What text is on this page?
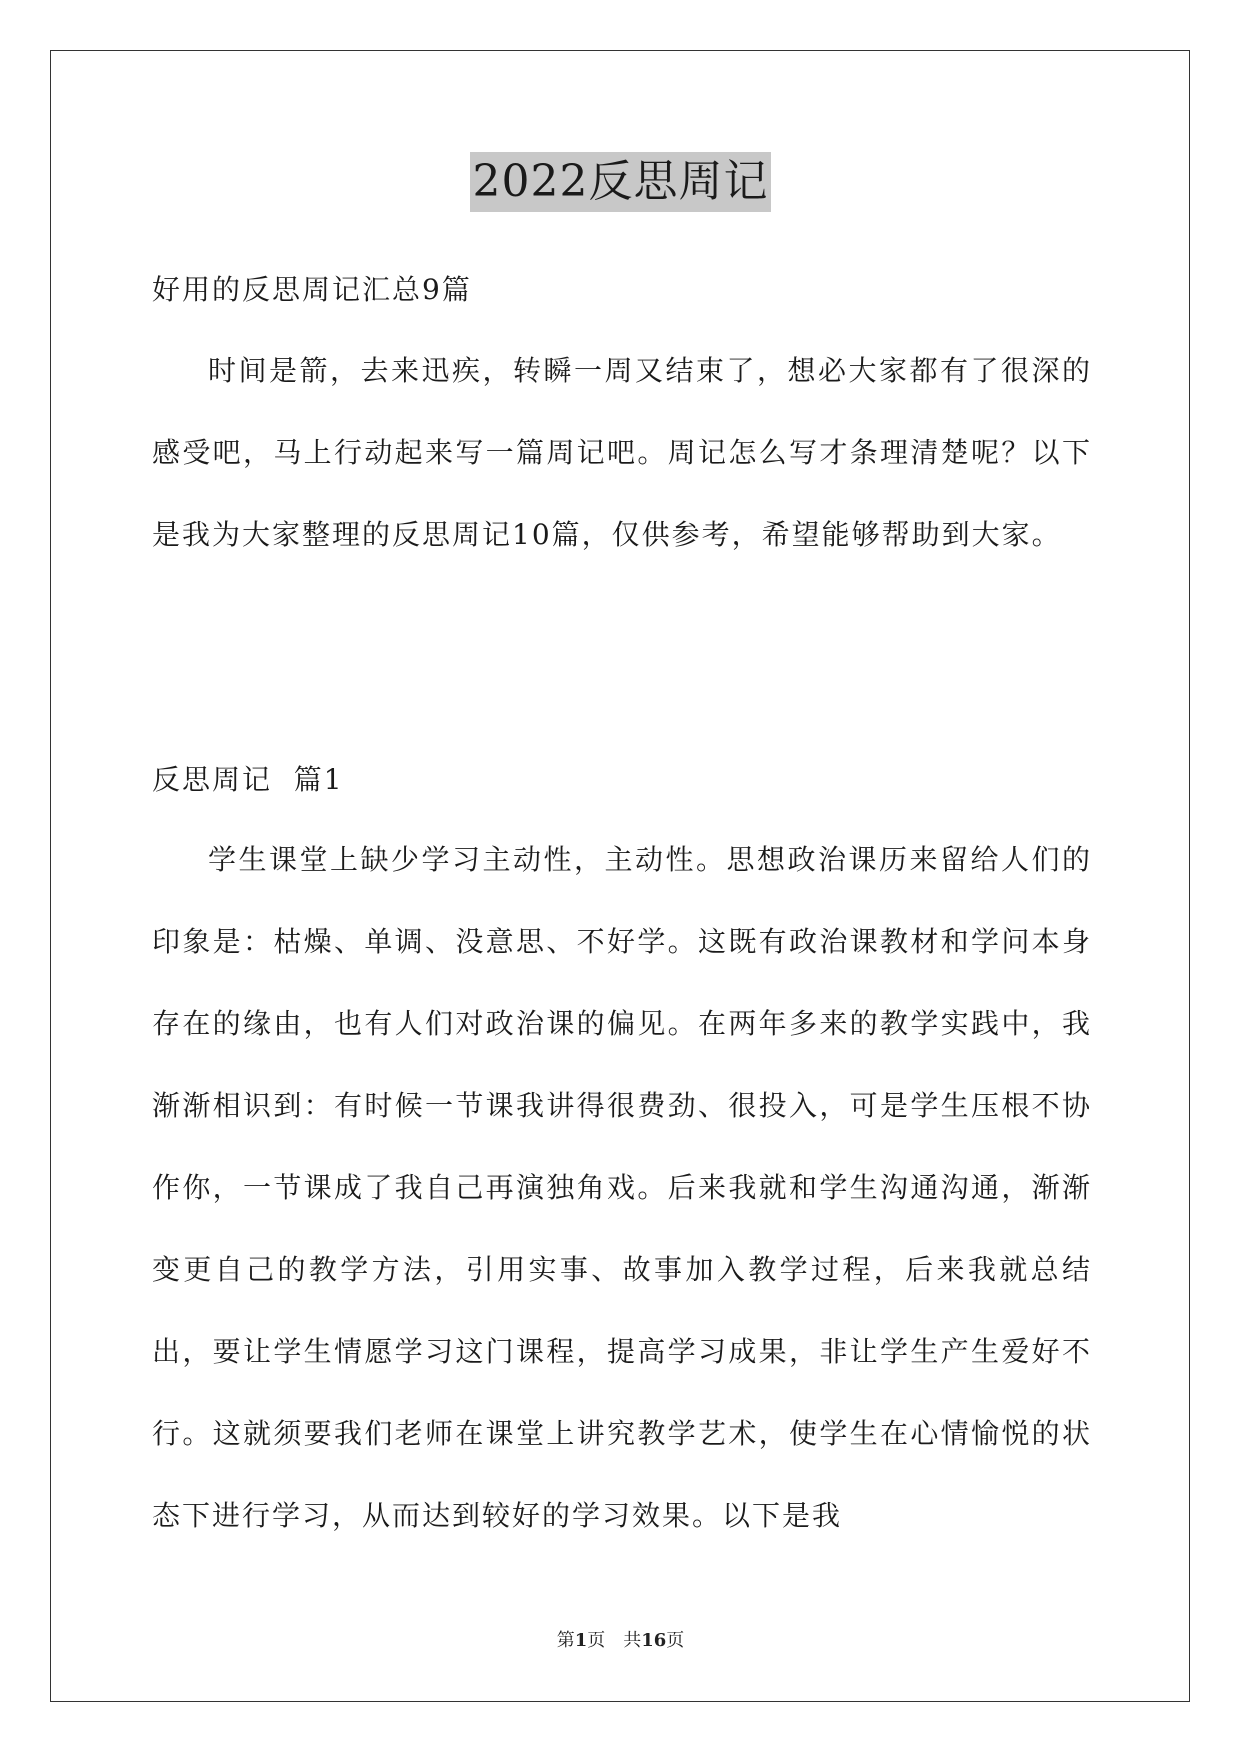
2022反思周记
好用的反思周记汇总9篇

时间是箭，去来迅疾，转瞬一周又结束了，想必大家都有了很深的感受吧，马上行动起来写一篇周记吧。周记怎么写才条理清楚呢？以下是我为大家整理的反思周记10篇，仅供参考，希望能够帮助到大家。

反思周记  篇1

学生课堂上缺少学习主动性，主动性。思想政治课历来留给人们的印象是：枯燥、单调、没意思、不好学。这既有政治课教材和学问本身存在的缘由，也有人们对政治课的偏见。在两年多来的教学实践中，我渐渐相识到：有时候一节课我讲得很费劲、很投入，可是学生压根不协作你，一节课成了我自己再演独角戏。后来我就和学生沟通沟通，渐渐变更自己的教学方法，引用实事、故事加入教学过程，后来我就总结出，要让学生情愿学习这门课程，提高学习成果，非让学生产生爱好不行。这就须要我们老师在课堂上讲究教学艺术，使学生在心情愉悦的状态下进行学习，从而达到较好的学习效果。以下是我

第1页　共16页
